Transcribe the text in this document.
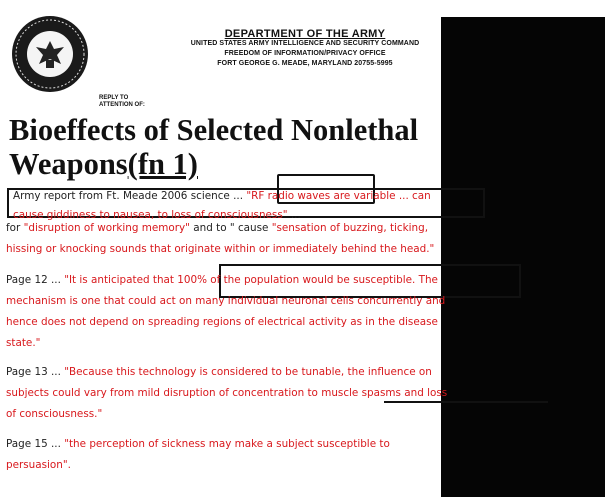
DEPARTMENT OF THE ARMY
UNITED STATES ARMY INTELLIGENCE AND SECURITY COMMAND
FREEDOM OF INFORMATION/PRIVACY OFFICE
FORT GEORGE G. MEADE, MARYLAND 20755-5995
REPLY TO
ATTENTION OF:
Bioeffects of Selected Nonlethal
Weapons(fn 1)
Army report from Ft. Meade 2006 science ... "RF radio waves are variable ... can
cause giddiness to nausea, to loss of consciousness" ...
for "disruption of working memory" and to " cause "sensation of buzzing, ticking,
hissing or knocking sounds that originate within or immediately behind the head."
Page 12 ... "It is anticipated that 100% of the population would be susceptible. The
mechanism is one that could act on many individual neuronal cells concurrently and
hence does not depend on spreading regions of electrical activity as in the disease
state."
Page 13 ... "Because this technology is considered to be tunable, the influence on
subjects could vary from mild disruption of concentration to muscle spasms and loss
of consciousness."
Page 15 ... "the perception of sickness may make a subject susceptible to
persuasion".
